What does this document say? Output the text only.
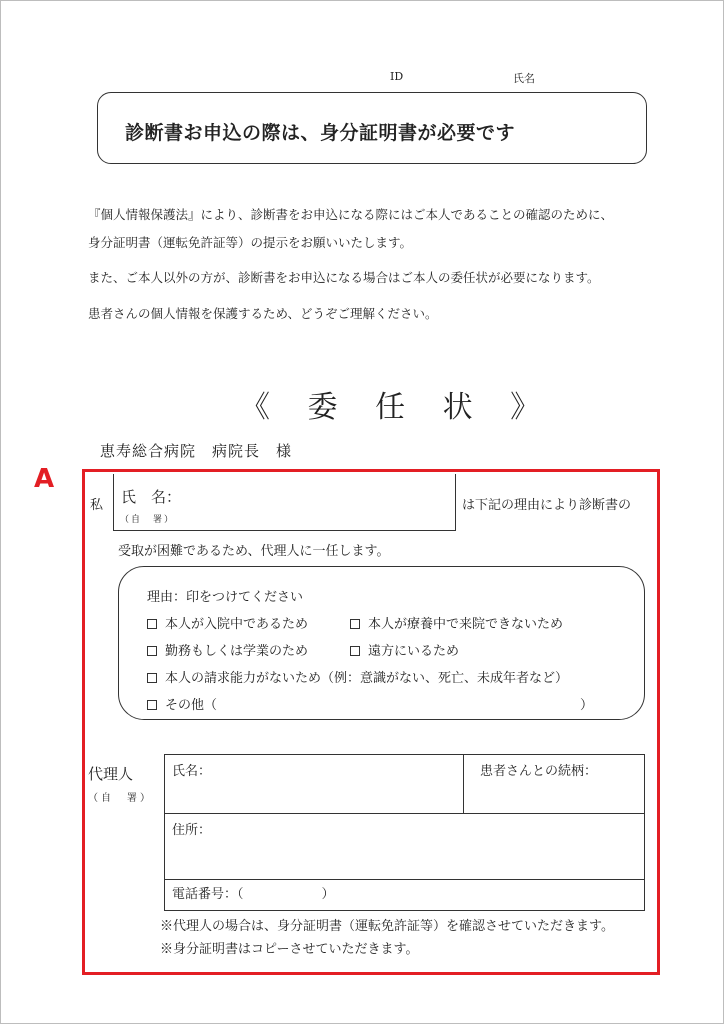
ID	氏名
診断書お申込の際は、身分証明書が必要です
『個人情報保護法』により、診断書をお申込になる際にはご本人であることの確認のために、
身分証明書（運転免許証等）の提示をお願いいたします。
また、ご本人以外の方が、診断書をお申込になる場合はご本人の委任状が必要になります。
患者さんの個人情報を保護するため、どうぞご理解ください。
《 委 任 状 》
恵寿総合病院　病院長　様
A
私 氏　名：
（自　署）
は下記の理由により診断書の
受取が困難であるため、代理人に一任します。
理由：印をつけてください
本人が入院中であるため	本人が療養中で来院できないため
勤務もしくは学業のため	遠方にいるため
本人の請求能力がないため（例：意識がない、死亡、未成年者など）
その他（	）
代理人
（自　署）
氏名：	患者さんとの続柄：
住所：
電話番号：（　　　　　　）
※代理人の場合は、身分証明書（運転免許証等）を確認させていただきます。
※身分証明書はコピーさせていただきます。
